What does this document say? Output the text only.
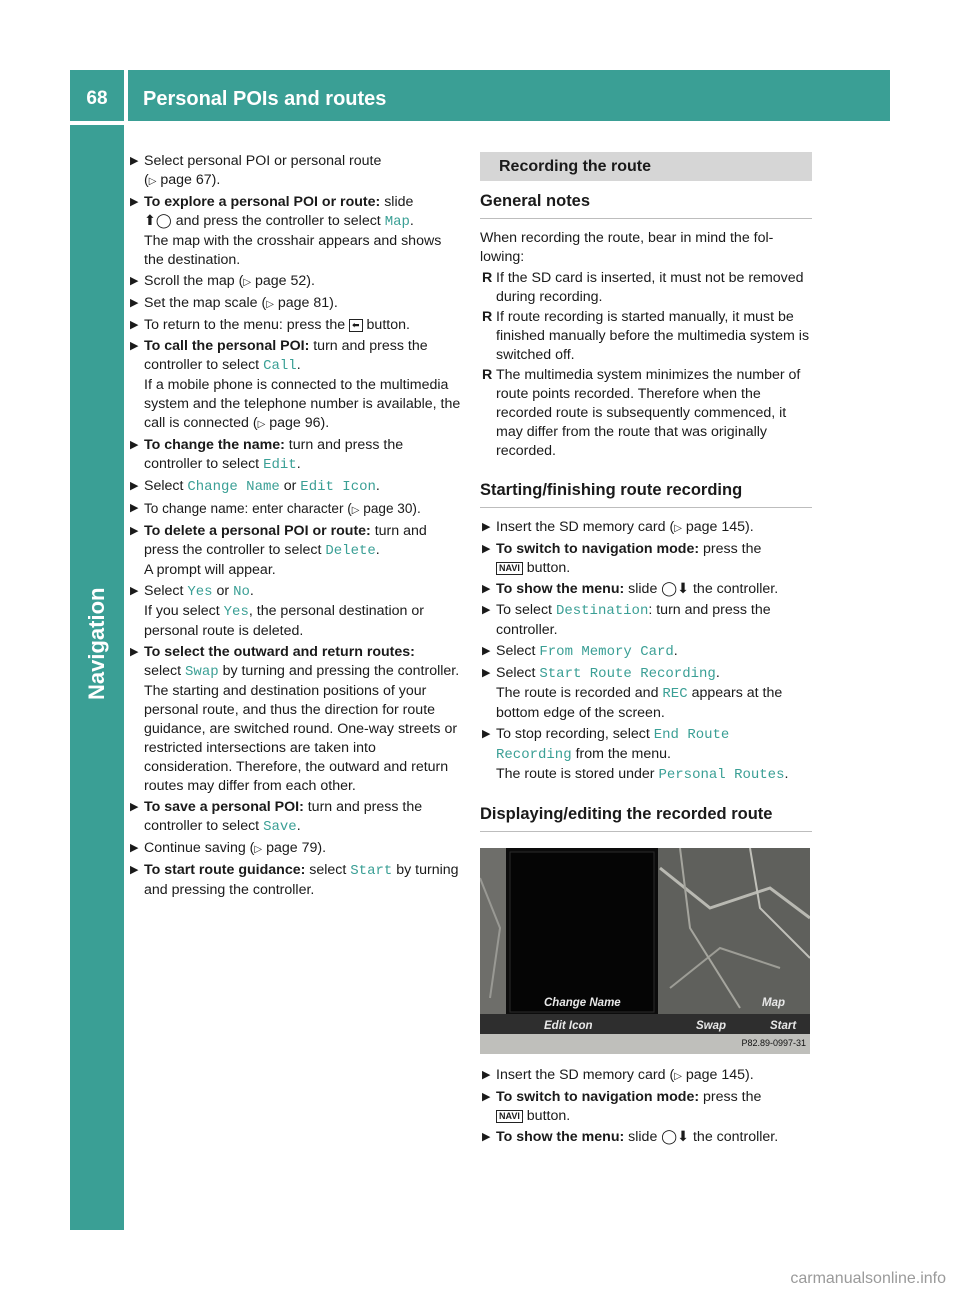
68	Personal POIs and routes
Navigation
▶ Select personal POI or personal route
(▷ page 67).
▶ To explore a personal POI or route: slide
⬆◯ and press the controller to select Map.
The map with the crosshair appears and shows the destination.
▶ Scroll the map (▷ page 52).
▶ Set the map scale (▷ page 81).
▶ To return to the menu: press the ⬅ button.
▶ To call the personal POI: turn and press the controller to select Call.
If a mobile phone is connected to the multimedia system and the telephone number is available, the call is connected (▷ page 96).
▶ To change the name: turn and press the controller to select Edit.
▶ Select Change Name or Edit Icon.
▶ To change name: enter character (▷ page 30).
▶ To delete a personal POI or route: turn and press the controller to select Delete.
A prompt will appear.
▶ Select Yes or No.
If you select Yes, the personal destination or personal route is deleted.
▶ To select the outward and return routes:
select Swap by turning and pressing the controller.
The starting and destination positions of your personal route, and thus the direction for route guidance, are switched round. One-way streets or restricted intersections are taken into consideration. Therefore, the outward and return routes may differ from each other.
▶ To save a personal POI: turn and press the controller to select Save.
▶ Continue saving (▷ page 79).
▶ To start route guidance: select Start by turning and pressing the controller.
Recording the route
General notes
When recording the route, bear in mind the following:
R If the SD card is inserted, it must not be removed during recording.
R If route recording is started manually, it must be finished manually before the multimedia system is switched off.
R The multimedia system minimizes the number of route points recorded. Therefore when the recorded route is subsequently commenced, it may differ from the route that was originally recorded.
Starting/finishing route recording
▶ Insert the SD memory card (▷ page 145).
▶ To switch to navigation mode: press the
NAVI button.
▶ To show the menu: slide ◯⬇ the controller.
▶ To select Destination: turn and press the controller.
▶ Select From Memory Card.
▶ Select Start Route Recording.
The route is recorded and REC appears at the bottom edge of the screen.
▶ To stop recording, select End Route Recording from the menu.
The route is stored under Personal Routes.
Displaying/editing the recorded route
Change Name
Edit Icon
Map
Swap	Start
P82.89-0997-31
▶ Insert the SD memory card (▷ page 145).
▶ To switch to navigation mode: press the
NAVI button.
▶ To show the menu: slide ◯⬇ the controller.
carmanualsonline.info
